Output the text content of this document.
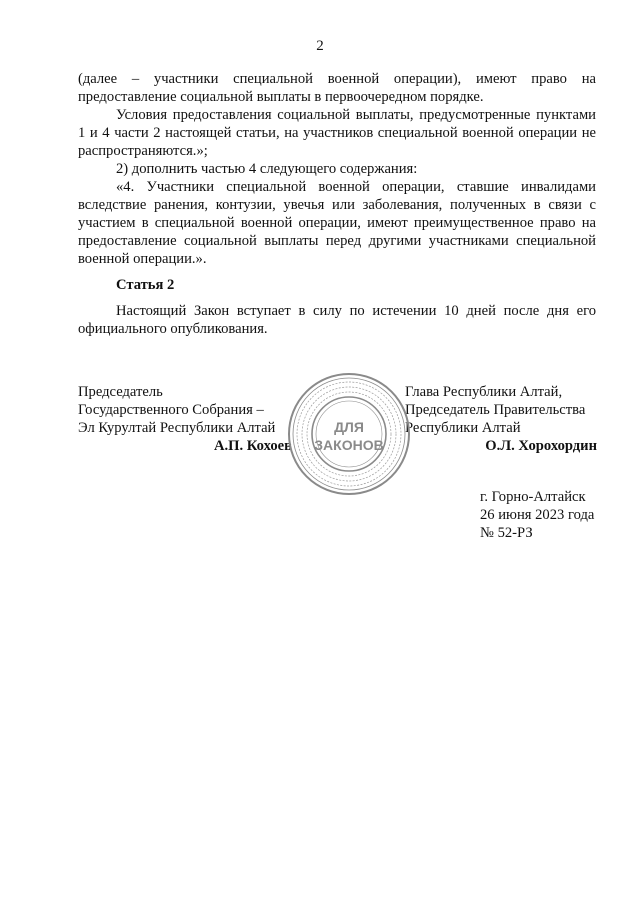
2

(далее – участники специальной военной операции), имеют право на предоставление социальной выплаты в первоочередном порядке.

Условия предоставления социальной выплаты, предусмотренные пунктами 1 и 4 части 2 настоящей статьи, на участников специальной военной операции не распространяются.»;

2) дополнить частью 4 следующего содержания:

«4. Участники специальной военной операции, ставшие инвалидами вследствие ранения, контузии, увечья или заболевания, полученных в связи с участием в специальной военной операции, имеют преимущественное право на предоставление социальной выплаты перед другими участниками специальной военной операции.».

Статья 2

Настоящий Закон вступает в силу по истечении 10 дней после дня его официального опубликования.

Председатель
Государственного Собрания –
Эл Курултай Республики Алтай
А.П. Кохоев
Глава Республики Алтай,
Председатель Правительства
Республики Алтай
О.Л. Хорохордин
ДЛЯ
ЗАКОНОВ
г. Горно-Алтайск
26 июня 2023 года
№ 52-РЗ
